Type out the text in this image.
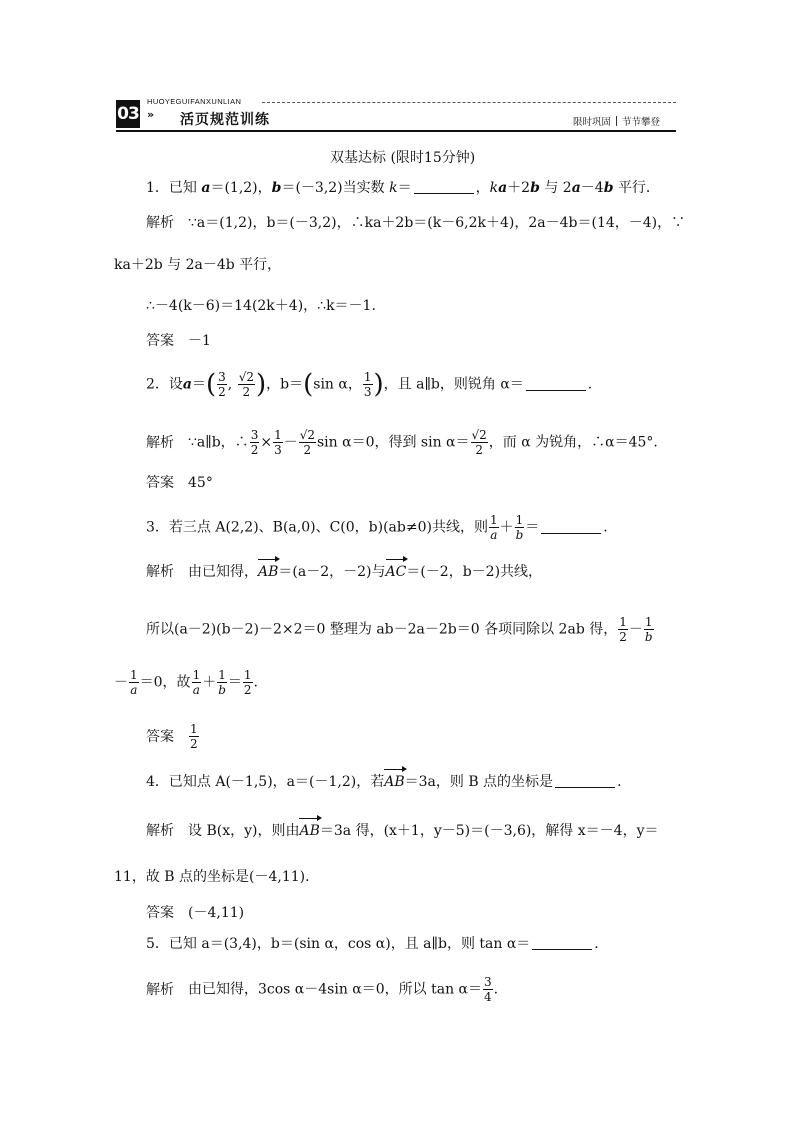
03
HUOYEGUIFANXUNLIAN
» 活页规范训练	限时巩固 节节攀登
双基达标 (限时15分钟)
1．已知 a＝(1,2)，b＝(－3,2)当实数 k＝	，ka＋2b 与 2a－4b 平行．
解析 ∵a＝(1,2)，b＝(－3,2)，∴ka＋2b＝(k－6,2k＋4)，2a－4b＝(14，－4)，∵
ka＋2b 与 2a－4b 平行，
∴－4(k－6)＝14(2k＋4)，∴k＝－1.
答案 －1
2．设$a=( \frac{3}{2}$ , $\frac{√2}{2}$ )，b＝(sin α， $\frac{1}{3}$ )，且 a∥b，则锐角 α＝	.
解析 ∵a∥b，∴ $\frac{3}{2} \times \frac{1}{3} - \frac{√2}{2}$ sin α＝0，得到 $\sin \alpha= \frac{√2}{2}$ ，而 α 为锐角，∴α＝45°.
答案 45°
3．若三点 A(2,2)、B(a,0)、C(0，b)(ab≠0)共线，则 $\frac{1}{a} + \frac{1}{b}$ ＝	.
解析 由已知得，AB＝(a－2，－2)与AC＝(－2，b－2)共线，
所以(a－2)(b－2)－2×2＝0 整理为 ab－2a－2b＝0 各项同除以 2ab 得， $\frac{1}{2} - \frac{1}{b}$
－ $\frac{1}{a} =0$，故 $\frac{1}{a} + \frac{1}{b} = \frac{1}{2}$ .
答案 $\frac{1}{2}$
4．已知点 A(－1,5)，a＝(－1,2)，若AB＝3a，则 B 点的坐标是	.
解析 设 B(x，y)，则由AB＝3a 得，(x＋1，y－5)＝(－3,6)，解得 x＝－4，y＝
11，故 B 点的坐标是(－4,11)．
答案 (－4,11)
5．已知 a＝(3,4)，b＝(sin α，cos α)，且 a∥b，则 tan α＝	.
解析 由已知得，3cos α－4sin α＝0，所以 $\tan \alpha= \frac{3}{4}$ .
